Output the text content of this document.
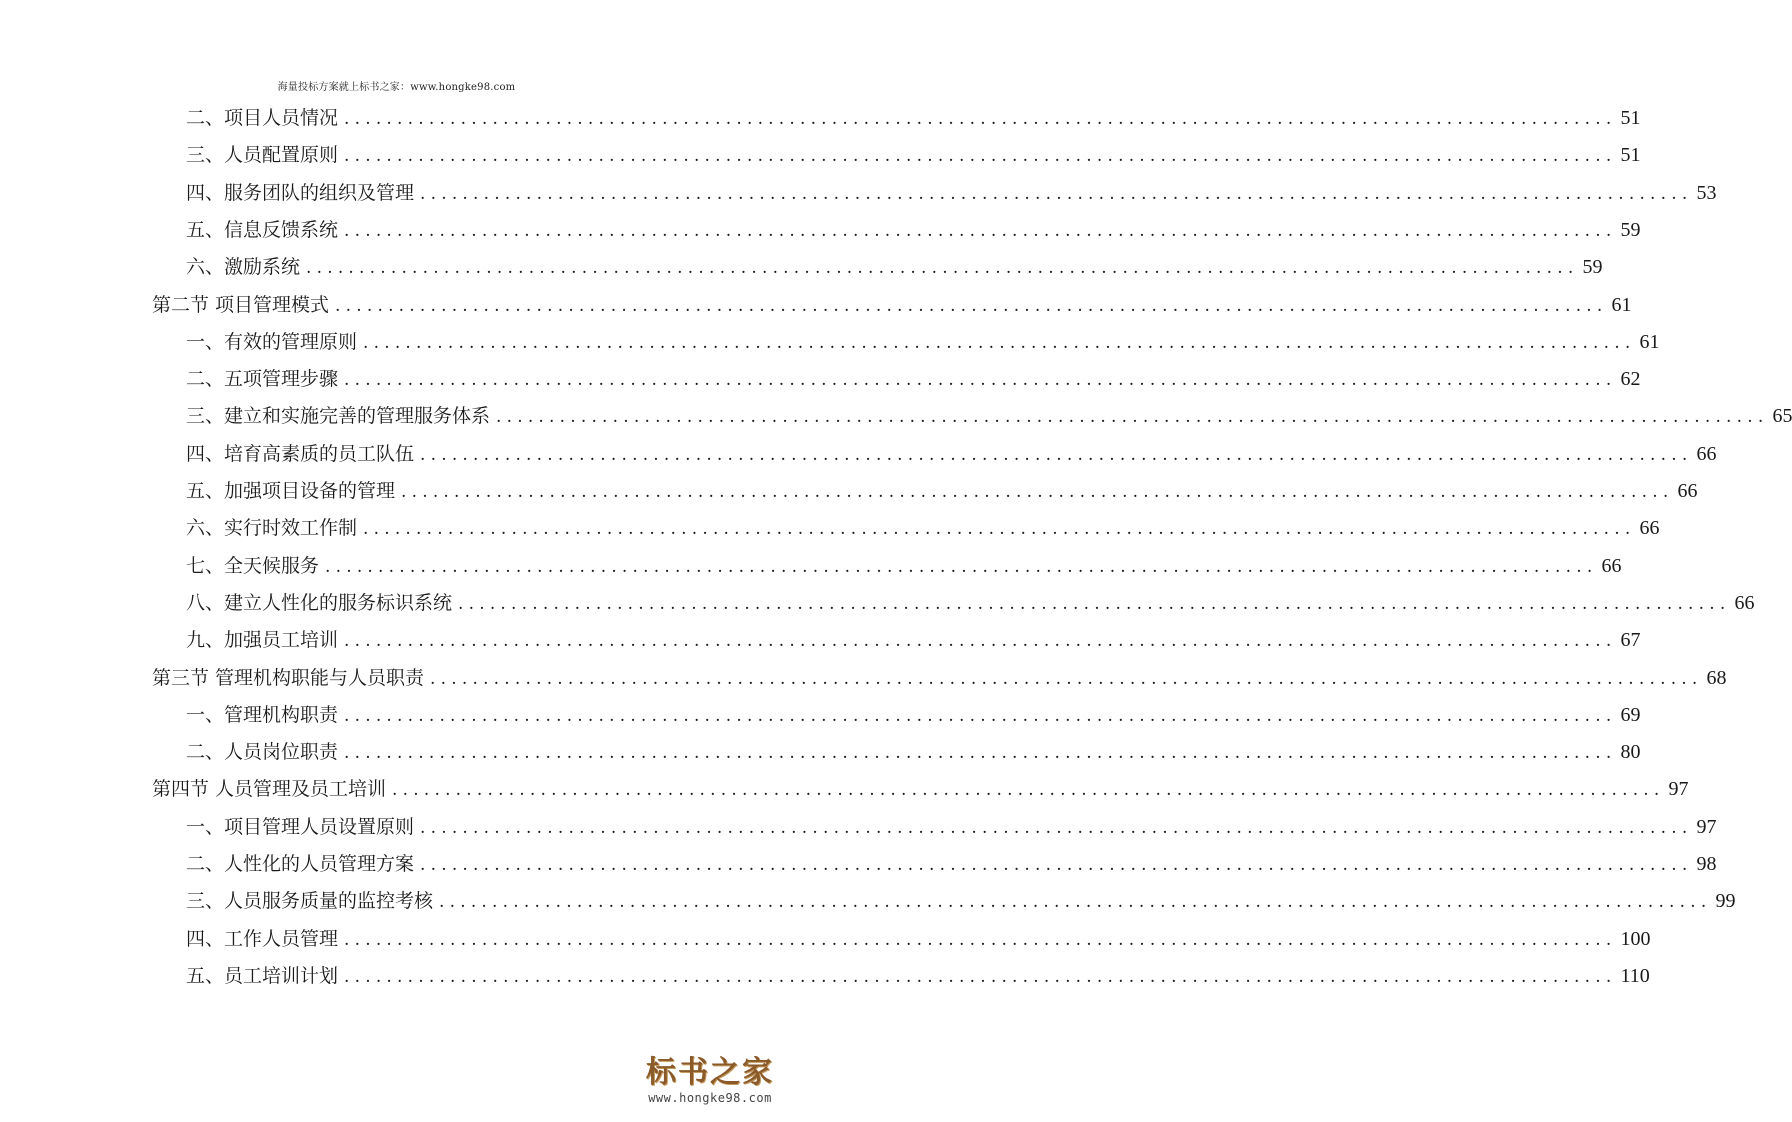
海量投标方案就上标书之家：www.hongke98.com
二、项目人员情况 ........................................................................................................................ 51
三、人员配置原则 ........................................................................................................................ 51
四、服务团队的组织及管理 ........................................................................................................................ 53
五、信息反馈系统 ........................................................................................................................ 59
六、激励系统 ........................................................................................................................ 59
第二节 项目管理模式 ........................................................................................................................ 61
一、有效的管理原则 ........................................................................................................................ 61
二、五项管理步骤 ........................................................................................................................ 62
三、建立和实施完善的管理服务体系 ........................................................................................................................ 65
四、培育高素质的员工队伍 ........................................................................................................................ 66
五、加强项目设备的管理 ........................................................................................................................ 66
六、实行时效工作制 ........................................................................................................................ 66
七、全天候服务 ........................................................................................................................ 66
八、建立人性化的服务标识系统 ........................................................................................................................ 66
九、加强员工培训 ........................................................................................................................ 67
第三节 管理机构职能与人员职责 ........................................................................................................................ 68
一、管理机构职责 ........................................................................................................................ 69
二、人员岗位职责 ........................................................................................................................ 80
第四节 人员管理及员工培训 ........................................................................................................................ 97
一、项目管理人员设置原则 ........................................................................................................................ 97
二、人性化的人员管理方案 ........................................................................................................................ 98
三、人员服务质量的监控考核 ........................................................................................................................ 99
四、工作人员管理 ........................................................................................................................ 100
五、员工培训计划 ........................................................................................................................ 110
标书之家
www.hongke98.com
